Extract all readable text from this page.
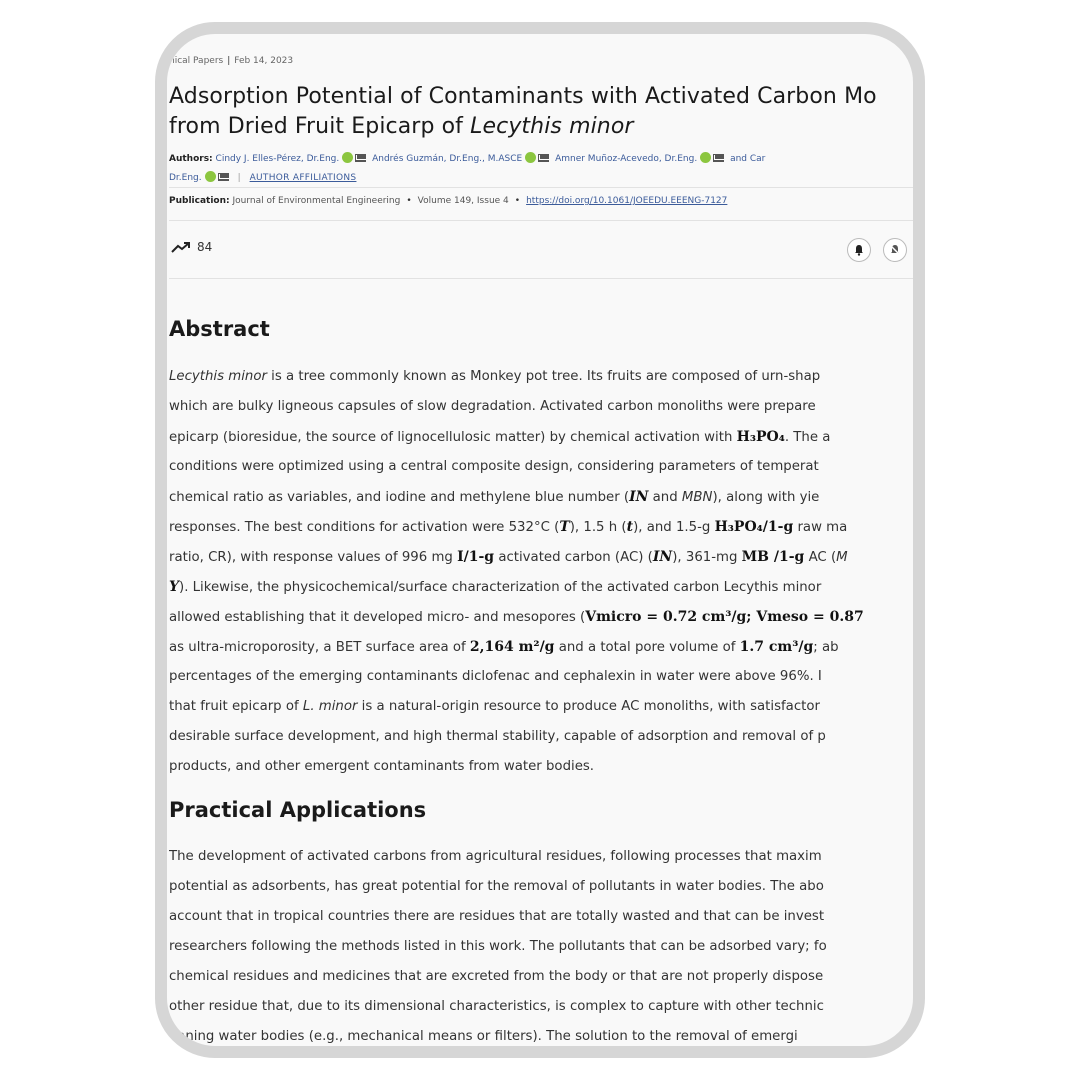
nical Papers | Feb 14, 2023
Adsorption Potential of Contaminants with Activated Carbon Mo
from Dried Fruit Epicarp of Lecythis minor
Authors: Cindy J. Elles-Pérez, Dr.Eng.	Andrés Guzmán, Dr.Eng., M.ASCE	Amner Muñoz-Acevedo, Dr.Eng.	and Car
Dr.Eng.	| AUTHOR AFFILIATIONS
Publication: Journal of Environmental Engineering • Volume 149, Issue 4 • https://doi.org/10.1061/JOEEDU.EEENG-7127
84
Abstract
Lecythis minor is a tree commonly known as Monkey pot tree. Its fruits are composed of urn-shap
which are bulky ligneous capsules of slow degradation. Activated carbon monoliths were prepare
epicarp (bioresidue, the source of lignocellulosic matter) by chemical activation with H₃PO₄. The a
conditions were optimized using a central composite design, considering parameters of temperat
chemical ratio as variables, and iodine and methylene blue number (IN and MBN), along with yie
responses. The best conditions for activation were 532°C (T), 1.5 h (t), and 1.5-g H₃PO₄/1-g raw ma
ratio, CR), with response values of 996 mg I/1-g activated carbon (AC) (IN), 361-mg MB /1-g AC (M
Y). Likewise, the physicochemical/surface characterization of the activated carbon Lecythis minor
allowed establishing that it developed micro- and mesopores (Vmicro = 0.72 cm³/g; Vmeso = 0.87
as ultra-microporosity, a BET surface area of 2,164 m²/g and a total pore volume of 1.7 cm³/g; ab
percentages of the emerging contaminants diclofenac and cephalexin in water were above 96%. I
that fruit epicarp of L. minor is a natural-origin resource to produce AC monoliths, with satisfactor
desirable surface development, and high thermal stability, capable of adsorption and removal of p
products, and other emergent contaminants from water bodies.
Practical Applications
The development of activated carbons from agricultural residues, following processes that maxim
potential as adsorbents, has great potential for the removal of pollutants in water bodies. The abo
account that in tropical countries there are residues that are totally wasted and that can be invest
researchers following the methods listed in this work. The pollutants that can be adsorbed vary; fo
chemical residues and medicines that are excreted from the body or that are not properly dispose
other residue that, due to its dimensional characteristics, is complex to capture with other technic
eaning water bodies (e.g., mechanical means or filters). The solution to the removal of emergi
